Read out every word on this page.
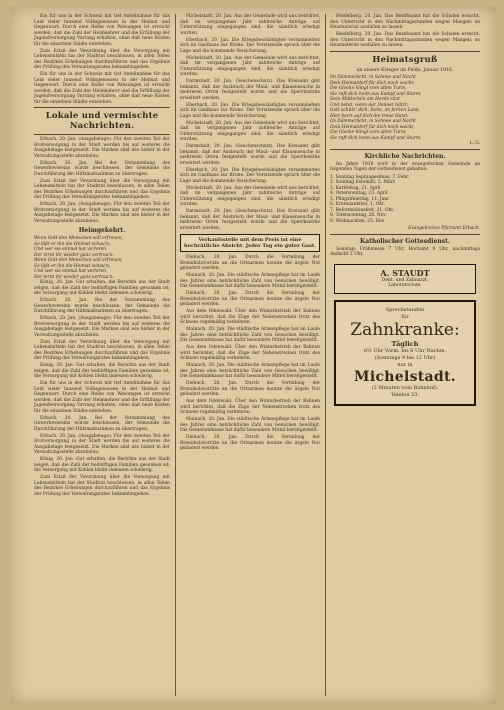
Ein für uns in der Schweiz mit tief Anteilnahme für das Leid vieler tausend Volksgenossen in der Heimat und Gegenwart. Durch eine Reihe von Weisungen ist erreicht worden, daß die Zahl der Heimkehrer und die Erfüllung der Jugendversorgung Vorrang erhalten, ohne daß neue Kosten für die einzelnen Städte entstehen.

Zum Erlaß der Verordnung über die Versorgung mit Lebensmitteln hat der Stadtrat beschlossen, in allen Teilen des Bezirkes Erhebungen durchzuführen und das Ergebnis der Prüfung des Verwaltungsrates bekanntzugeben.

Ein für uns in der Schweiz mit tief Anteilnahme für das Leid vieler tausend Volksgenossen in der Heimat und Gegenwart. Durch eine Reihe von Weisungen ist erreicht worden, daß die Zahl der Heimkehrer und die Erfüllung der Jugendversorgung Vorrang erhalten, ohne daß neue Kosten für die einzelnen Städte entstehen.

Lokale und vermischte Nachrichten.

Erbach, 20. Jan. (Ausgabetage). Für den zweiten Teil der Brotversorgung in der Stadt werden bis auf weiteres die Ausgabetage festgesetzt. Die Marken sind wie bisher in der Verwaltungsstelle abzuholen.

Erbach, 20. Jan. Bei der Versammlung des Gewerbevereins wurde beschlossen, der Gemeinde die Durchführung der Hilfsmaßnahmen zu übertragen.

Zum Erlaß der Verordnung über die Versorgung mit Lebensmitteln hat der Stadtrat beschlossen, in allen Teilen des Bezirkes Erhebungen durchzuführen und das Ergebnis der Prüfung des Verwaltungsrates bekanntzugeben.

Erbach, 20. Jan. (Ausgabetage). Für den zweiten Teil der Brotversorgung in der Stadt werden bis auf weiteres die Ausgabetage festgesetzt. Die Marken sind wie bisher in der Verwaltungsstelle abzuholen.

Heimgekehrt.
Wenn Gott den Menschen will erfreuen,
So läßt er ihn die Heimat schau'n;
Und wer sie einmal hat verloren,
Der lernt ihr wieder ganz vertrau'n.
Wenn Gott den Menschen will erfreuen,
So läßt er ihn die Heimat schau'n;
Und wer sie einmal hat verloren,
Der lernt ihr wieder ganz vertrau'n.

König, 20. Jan. Gut erhalten, die Berichte aus der Stadt zeigen, daß die Zahl der bedürftigen Familien gesunken ist; die Versorgung mit Kohlen bleibt indessen schwierig.

Erbach, 20. Jan. Bei der Versammlung des Gewerbevereins wurde beschlossen, der Gemeinde die Durchführung der Hilfsmaßnahmen zu übertragen.

Erbach, 20. Jan. (Ausgabetage). Für den zweiten Teil der Brotversorgung in der Stadt werden bis auf weiteres die Ausgabetage festgesetzt. Die Marken sind wie bisher in der Verwaltungsstelle abzuholen.

Zum Erlaß der Verordnung über die Versorgung mit Lebensmitteln hat der Stadtrat beschlossen, in allen Teilen des Bezirkes Erhebungen durchzuführen und das Ergebnis der Prüfung des Verwaltungsrates bekanntzugeben.

König, 20. Jan. Gut erhalten, die Berichte aus der Stadt zeigen, daß die Zahl der bedürftigen Familien gesunken ist; die Versorgung mit Kohlen bleibt indessen schwierig.

Ein für uns in der Schweiz mit tief Anteilnahme für das Leid vieler tausend Volksgenossen in der Heimat und Gegenwart. Durch eine Reihe von Weisungen ist erreicht worden, daß die Zahl der Heimkehrer und die Erfüllung der Jugendversorgung Vorrang erhalten, ohne daß neue Kosten für die einzelnen Städte entstehen.

Erbach, 20. Jan. Bei der Versammlung des Gewerbevereins wurde beschlossen, der Gemeinde die Durchführung der Hilfsmaßnahmen zu übertragen.

Erbach, 20. Jan. (Ausgabetage). Für den zweiten Teil der Brotversorgung in der Stadt werden bis auf weiteres die Ausgabetage festgesetzt. Die Marken sind wie bisher in der Verwaltungsstelle abzuholen.

König, 20. Jan. Gut erhalten, die Berichte aus der Stadt zeigen, daß die Zahl der bedürftigen Familien gesunken ist; die Versorgung mit Kohlen bleibt indessen schwierig.

Zum Erlaß der Verordnung über die Versorgung mit Lebensmitteln hat der Stadtrat beschlossen, in allen Teilen des Bezirkes Erhebungen durchzuführen und das Ergebnis der Prüfung des Verwaltungsrates bekanntzugeben.

Michelstadt, 20. Jan. Aus der Gemeinde wird uns berichtet, daß im vergangenen Jahr zahlreiche Anträge auf Unterstützung eingegangen sind, die sämtlich erledigt wurden.

Eberbach, 20. Jan. Die Kriegsbeschädigten versammelten sich im Gasthaus zur Krone. Der Vorsitzende sprach über die Lage und die kommende Versicherung.

Michelstadt, 20. Jan. Aus der Gemeinde wird uns berichtet, daß im vergangenen Jahr zahlreiche Anträge auf Unterstützung eingegangen sind, die sämtlich erledigt wurden.

Darmstadt, 20. Jan. (Seuchenschutz). Das Kreisamt gibt bekannt, daß der Ausbruch der Maul- und Klauenseuche in mehreren Orten festgestellt wurde und die Sperrbezirke erweitert werden.

Eberbach, 20. Jan. Die Kriegsbeschädigten versammelten sich im Gasthaus zur Krone. Der Vorsitzende sprach über die Lage und die kommende Versicherung.

Michelstadt, 20. Jan. Aus der Gemeinde wird uns berichtet, daß im vergangenen Jahr zahlreiche Anträge auf Unterstützung eingegangen sind, die sämtlich erledigt wurden.

Darmstadt, 20. Jan. (Seuchenschutz). Das Kreisamt gibt bekannt, daß der Ausbruch der Maul- und Klauenseuche in mehreren Orten festgestellt wurde und die Sperrbezirke erweitert werden.

Eberbach, 20. Jan. Die Kriegsbeschädigten versammelten sich im Gasthaus zur Krone. Der Vorsitzende sprach über die Lage und die kommende Versicherung.

Michelstadt, 20. Jan. Aus der Gemeinde wird uns berichtet, daß im vergangenen Jahr zahlreiche Anträge auf Unterstützung eingegangen sind, die sämtlich erledigt wurden.

Darmstadt, 20. Jan. (Seuchenschutz). Das Kreisamt gibt bekannt, daß der Ausbruch der Maul- und Klauenseuche in mehreren Orten festgestellt wurde und die Sperrbezirke erweitert werden.

Verkaufsstelle mit dem Preis ist eine hochrätliche Absicht. Jeder Tag ein guter Gast.

Diebuch, 20. Jan. Durch die Verteilung der Brennholzvorräte an die Ortsarmen konnte die ärgste Not gelindert werden.

Mainach, 20. Jan. Die städtische Armenpflege hat im Laufe des Jahres eine beträchtliche Zahl von Gesuchen bewilligt. Die Gemeindekasse hat dafür besondere Mittel bereitgestellt.

Diebuch, 20. Jan. Durch die Verteilung der Brennholzvorräte an die Ortsarmen konnte die ärgste Not gelindert werden.

Aus dem Odenwald. Über den Winterbetrieb der Bahnen wird berichtet, daß die Züge der Nebenstrecken trotz des Schnees regelmäßig verkehren.

Mainach, 20. Jan. Die städtische Armenpflege hat im Laufe des Jahres eine beträchtliche Zahl von Gesuchen bewilligt. Die Gemeindekasse hat dafür besondere Mittel bereitgestellt.

Aus dem Odenwald. Über den Winterbetrieb der Bahnen wird berichtet, daß die Züge der Nebenstrecken trotz des Schnees regelmäßig verkehren.

Mainach, 20. Jan. Die städtische Armenpflege hat im Laufe des Jahres eine beträchtliche Zahl von Gesuchen bewilligt. Die Gemeindekasse hat dafür besondere Mittel bereitgestellt.

Diebuch, 20. Jan. Durch die Verteilung der Brennholzvorräte an die Ortsarmen konnte die ärgste Not gelindert werden.

Aus dem Odenwald. Über den Winterbetrieb der Bahnen wird berichtet, daß die Züge der Nebenstrecken trotz des Schnees regelmäßig verkehren.

Mainach, 20. Jan. Die städtische Armenpflege hat im Laufe des Jahres eine beträchtliche Zahl von Gesuchen bewilligt. Die Gemeindekasse hat dafür besondere Mittel bereitgestellt.

Diebuch, 20. Jan. Durch die Verteilung der Brennholzvorräte an die Ortsarmen konnte die ärgste Not gelindert werden.

Heidelberg, 20. Jan. Das Bezirksamt hat die Schulen ersucht, den Unterricht in den Nachmittagsstunden wegen Mangels an Heizmaterial ausfallen zu lassen.

Heidelberg, 20. Jan. Das Bezirksamt hat die Schulen ersucht, den Unterricht in den Nachmittagsstunden wegen Mangels an Heizmaterial ausfallen zu lassen.

Heimatsgruß
an unsere Krieger im Felde. Januar 1916.
Im Dämmerlicht, in Schnee und Nacht
Dein Heimatdorf für dich noch wacht;
Die Glocke klingt vom alten Turm,
Sie ruft dich heim aus Kampf und Sturm.
Dein Mütterlein am Herde sitzt
Und betet, wenn der Donner blitzt;
Gott schütz' dich, Sohn, im fernen Land,
Hier harrt auf dich die treue Hand.
Im Dämmerlicht, in Schnee und Nacht
Dein Heimatdorf für dich noch wacht;
Die Glocke klingt vom alten Turm,
Sie ruft dich heim aus Kampf und Sturm.
L. G.
Kirchliche Nachrichten.

Im Jahre 1916 wird in der evangelischen Gemeinde an folgenden Tagen der Gottesdienst gehalten:

1. Sonntag Septuagesimae, 7. Febr.
2. Sonntag Estomihi, 5. März
3. Karfreitag, 21. April
4. Ostersonntag, 23. April
5. Pfingstfeiertag, 11. Juni
6. Erntedankfest, 1. Okt.
7. Reformationsfest, 31. Okt.
8. Totensonntag, 26. Nov.
9. Weihnachten, 25. Dez.
Evangelisches Pfarramt Erbach.
Katholischer Gottesdienst.

Sonntag: Frühmesse 7 Uhr, Hochamt 9 Uhr, nachmittags Andacht 2 Uhr.

A. STAUDT
Dent. und Zahnarzt,
Laboratorium.
Sprechstunden
für
Zahnkranke:
Täglich
8½ Uhr Vorm. bis 6 Uhr Nachm.
(Sonntags 9 bis 12 Uhr)
nur in
Michelstadt.
(2 Minuten vom Bahnhof).
Telefon 23.
